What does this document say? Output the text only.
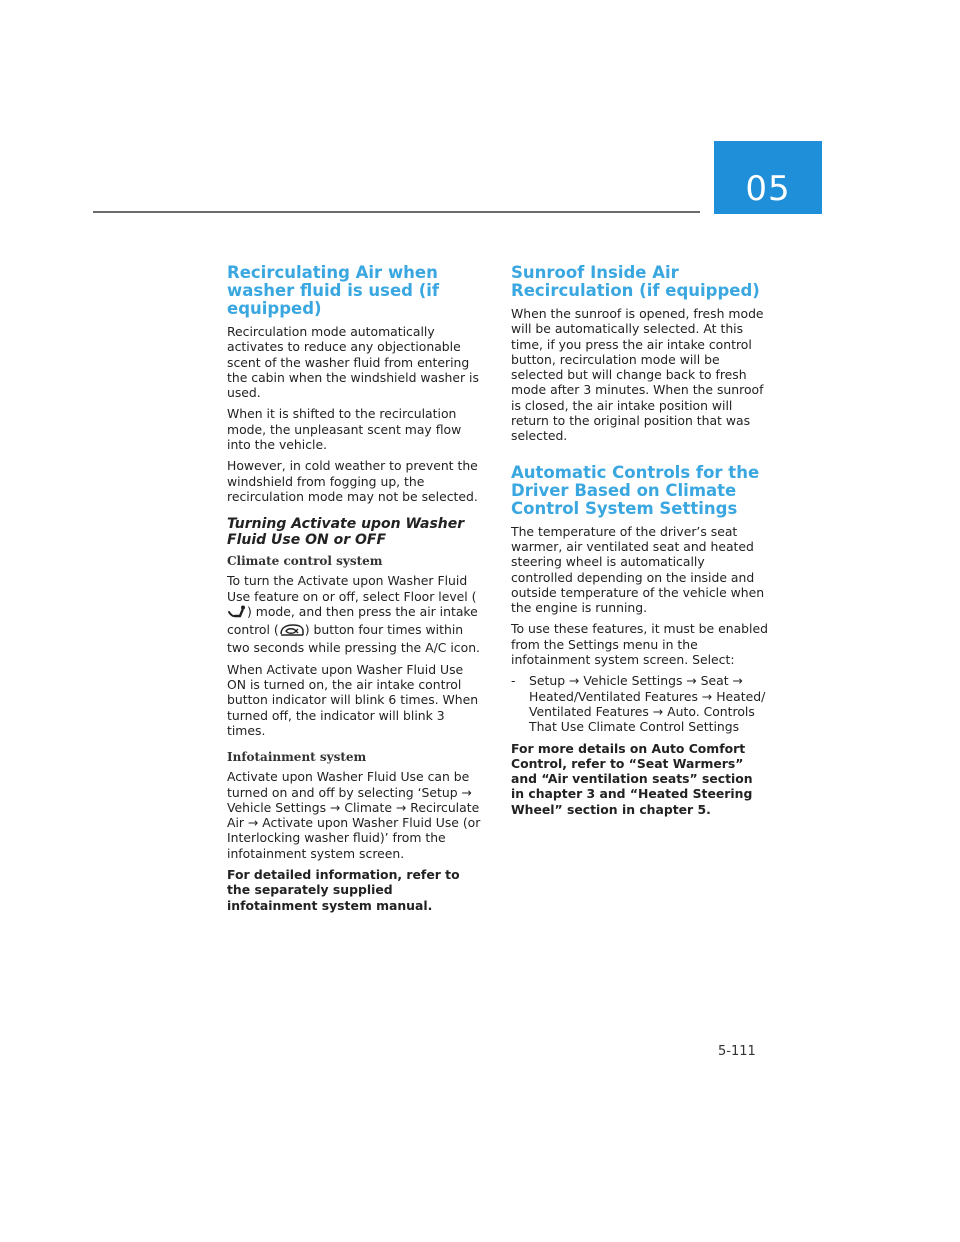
05
Recirculating Air when washer fluid is used (if equipped)

Recirculation mode automatically activates to reduce any objectionable scent of the washer fluid from entering the cabin when the windshield washer is used.

When it is shifted to the recirculation mode, the unpleasant scent may flow into the vehicle.

However, in cold weather to prevent the windshield from fogging up, the recirculation mode may not be selected.

Turning Activate upon Washer Fluid Use ON or OFF
Climate control system

To turn the Activate upon Washer Fluid Use feature on or off, select Floor level () mode, and then press the air intake control ( ) button four times within two seconds while pressing the A/C icon.

When Activate upon Washer Fluid Use ON is turned on, the air intake control button indicator will blink 6 times. When turned off, the indicator will blink 3 times.

Infotainment system

Activate upon Washer Fluid Use can be turned on and off by selecting ‘Setup → Vehicle Settings → Climate → Recirculate Air → Activate upon Washer Fluid Use (or Interlocking washer fluid)’ from the infotainment system screen.

For detailed information, refer to the separately supplied infotainment system manual.

Sunroof Inside Air Recirculation (if equipped)

When the sunroof is opened, fresh mode will be automatically selected. At this time, if you press the air intake control button, recirculation mode will be selected but will change back to fresh mode after 3 minutes. When the sunroof is closed, the air intake position will return to the original position that was selected.

Automatic Controls for the Driver Based on Climate Control System Settings

The temperature of the driver’s seat warmer, air ventilated seat and heated steering wheel is automatically controlled depending on the inside and outside temperature of the vehicle when the engine is running.

To use these features, it must be enabled from the Settings menu in the infotainment system screen. Select:

- Setup → Vehicle Settings → Seat → Heated/Ventilated Features → Heated/ Ventilated Features → Auto. Controls That Use Climate Control Settings

For more details on Auto Comfort Control, refer to “Seat Warmers” and “Air ventilation seats” section in chapter 3 and “Heated Steering Wheel” section in chapter 5.

5-111
